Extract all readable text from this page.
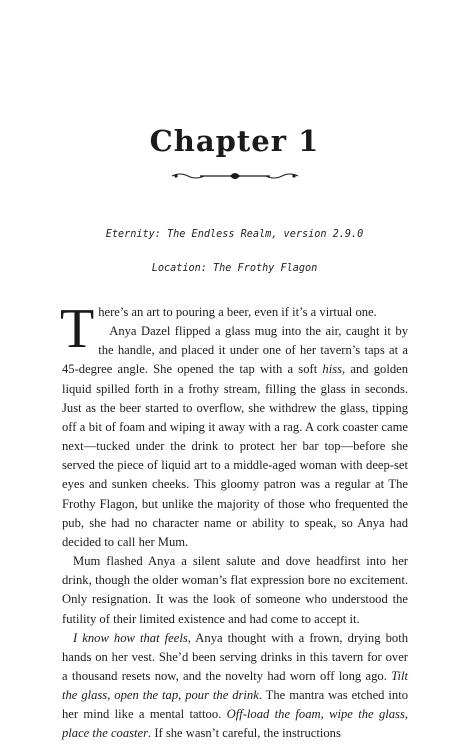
Chapter 1
Eternity: The Endless Realm, version 2.9.0
Location: The Frothy Flagon

There’s an art to pouring a beer, even if it’s a virtual one.

Anya Dazel flipped a glass mug into the air, caught it by the handle, and placed it under one of her tavern’s taps at a 45-degree angle. She opened the tap with a soft hiss, and golden liquid spilled forth in a frothy stream, filling the glass in seconds. Just as the beer started to overflow, she withdrew the glass, tipping off a bit of foam and wiping it away with a rag. A cork coaster came next—tucked under the drink to protect her bar top—before she served the piece of liquid art to a middle-aged woman with deep-set eyes and sunken cheeks. This gloomy patron was a regular at The Frothy Flagon, but unlike the majority of those who frequented the pub, she had no character name or ability to speak, so Anya had decided to call her Mum.

Mum flashed Anya a silent salute and dove headfirst into her drink, though the older woman’s flat expression bore no excitement. Only resignation. It was the look of someone who understood the futility of their limited existence and had come to accept it.

I know how that feels, Anya thought with a frown, drying both hands on her vest. She’d been serving drinks in this tavern for over a thousand resets now, and the novelty had worn off long ago. Tilt the glass, open the tap, pour the drink. The mantra was etched into her mind like a mental tattoo. Off-load the foam, wipe the glass, place the coaster. If she wasn’t careful, the instructions
